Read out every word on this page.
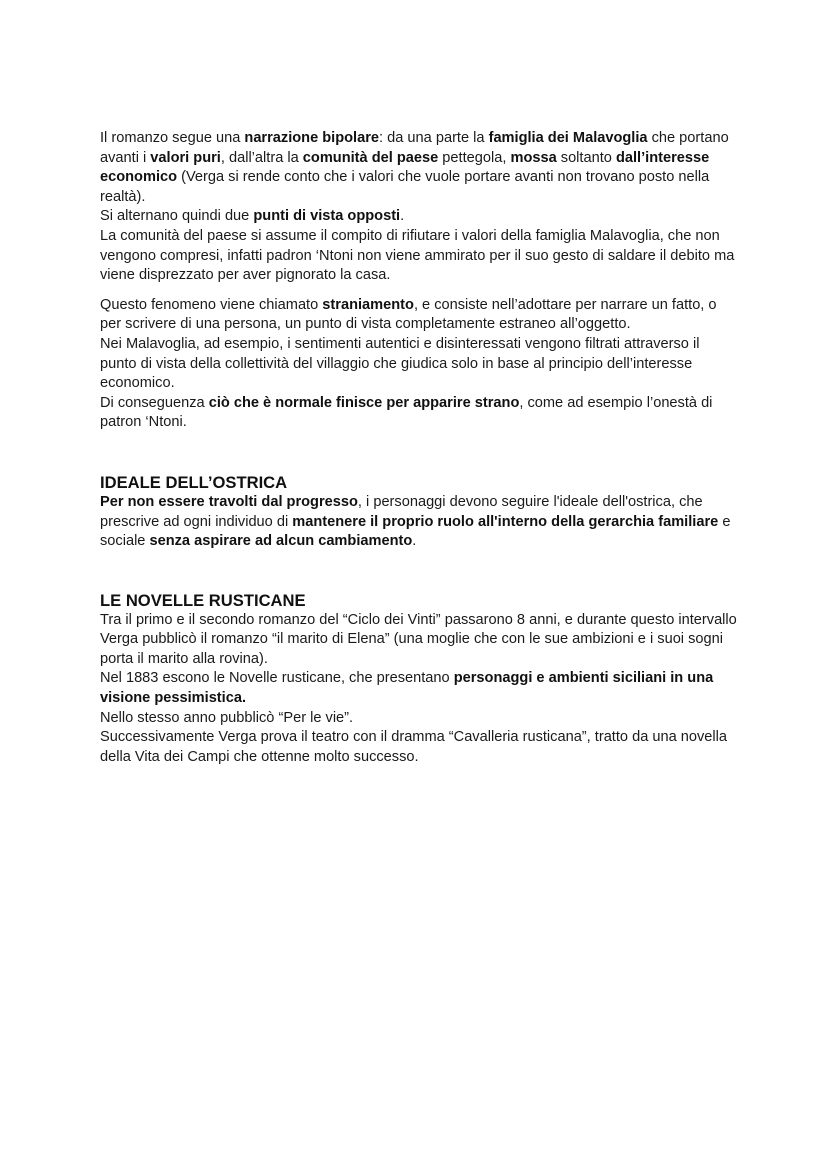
Il romanzo segue una narrazione bipolare: da una parte la famiglia dei Malavoglia che portano avanti i valori puri, dall’altra la comunità del paese pettegola, mossa soltanto dall’interesse economico (Verga si rende conto che i valori che vuole portare avanti non trovano posto nella realtà).

Si alternano quindi due punti di vista opposti.

La comunità del paese si assume il compito di rifiutare i valori della famiglia Malavoglia, che non vengono compresi, infatti padron ‘Ntoni non viene ammirato per il suo gesto di saldare il debito ma viene disprezzato per aver pignorato la casa.

Questo fenomeno viene chiamato straniamento, e consiste nell’adottare per narrare un fatto, o per scrivere di una persona, un punto di vista completamente estraneo all’oggetto.

Nei Malavoglia, ad esempio, i sentimenti autentici e disinteressati vengono filtrati attraverso il punto di vista della collettività del villaggio che giudica solo in base al principio dell’interesse economico.

Di conseguenza ciò che è normale finisce per apparire strano, come ad esempio l’onestà di patron ‘Ntoni.

IDEALE DELL’OSTRICA

Per non essere travolti dal progresso, i personaggi devono seguire l'ideale dell'ostrica, che prescrive ad ogni individuo di mantenere il proprio ruolo all'interno della gerarchia familiare e sociale senza aspirare ad alcun cambiamento.

LE NOVELLE RUSTICANE

Tra il primo e il secondo romanzo del “Ciclo dei Vinti” passarono 8 anni, e durante questo intervallo Verga pubblicò il romanzo “il marito di Elena” (una moglie che con le sue ambizioni e i suoi sogni porta il marito alla rovina).

Nel 1883 escono le Novelle rusticane, che presentano personaggi e ambienti siciliani in una visione pessimistica.

Nello stesso anno pubblicò “Per le vie”.

Successivamente Verga prova il teatro con il dramma “Cavalleria rusticana”, tratto da una novella della Vita dei Campi che ottenne molto successo.
